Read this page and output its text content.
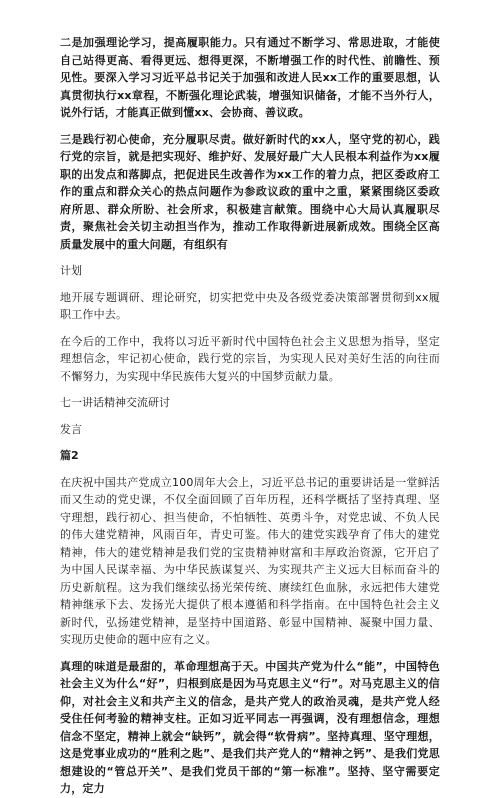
二是加强理论学习，提高履职能力。只有通过不断学习、常思进取，才能使自己站得更高、看得更远、想得更深，不断增强工作的时代性、前瞻性、预见性。要深入学习习近平总书记关于加强和改进人民xx工作的重要思想，认真贯彻执行xx章程，不断强化理论武装，增强知识储备，才能不当外行人，说外行话，才能真正做到懂xx、会协商、善议政。

三是践行初心使命，充分履职尽责。做好新时代的xx人，坚守党的初心，践行党的宗旨，就是把实现好、维护好、发展好最广大人民根本利益作为xx履职的出发点和落脚点，把促进民生改善作为xx工作的着力点，把区委政府工作的重点和群众关心的热点问题作为参政议政的重中之重，紧紧围绕区委政府所思、群众所盼、社会所求，积极建言献策。围绕中心大局认真履职尽责，聚焦社会关切主动担当作为，推动工作取得新进展新成效。围绕全区高质量发展中的重大问题，有组织有

计划

地开展专题调研、理论研究，切实把党中央及各级党委决策部署贯彻到xx履职工作中去。

在今后的工作中，我将以习近平新时代中国特色社会主义思想为指导，坚定理想信念，牢记初心使命，践行党的宗旨，为实现人民对美好生活的向往而不懈努力，为实现中华民族伟大复兴的中国梦贡献力量。

七一讲话精神交流研讨
发言
篇2

在庆祝中国共产党成立100周年大会上，习近平总书记的重要讲话是一堂鲜活而又生动的党史课，不仅全面回顾了百年历程，还科学概括了坚持真理、坚守理想，践行初心、担当使命，不怕牺牲、英勇斗争，对党忠诚、不负人民的伟大建党精神，风雨百年，青史可鉴。伟大的建党实践孕育了伟大的建党精神，伟大的建党精神是我们党的宝贵精神财富和丰厚政治资源，它开启了为中国人民谋幸福、为中华民族谋复兴、为实现共产主义远大目标而奋斗的历史新航程。这为我们继续弘扬光荣传统、赓续红色血脉，永远把伟大建党精神继承下去、发扬光大提供了根本遵循和科学指南。在中国特色社会主义新时代，弘扬建党精神，是坚持中国道路、彰显中国精神、凝聚中国力量、实现历史使命的题中应有之义。

真理的味道是最甜的，革命理想高于天。中国共产党为什么“能”，中国特色社会主义为什么“好”，归根到底是因为马克思主义“行”。对马克思主义的信仰，对社会主义和共产主义的信念，是共产党人的政治灵魂，是共产党人经受住任何考验的精神支柱。正如习近平同志一再强调，没有理想信念，理想信念不坚定，精神上就会“缺钙”，就会得“软骨病”。坚持真理、坚守理想，这是党事业成功的“胜利之匙”、是我们共产党人的“精神之钙”、是我们党思想建设的“管总开关”、是我们党员干部的“第一标准”。坚持、坚守需要定力，定力
